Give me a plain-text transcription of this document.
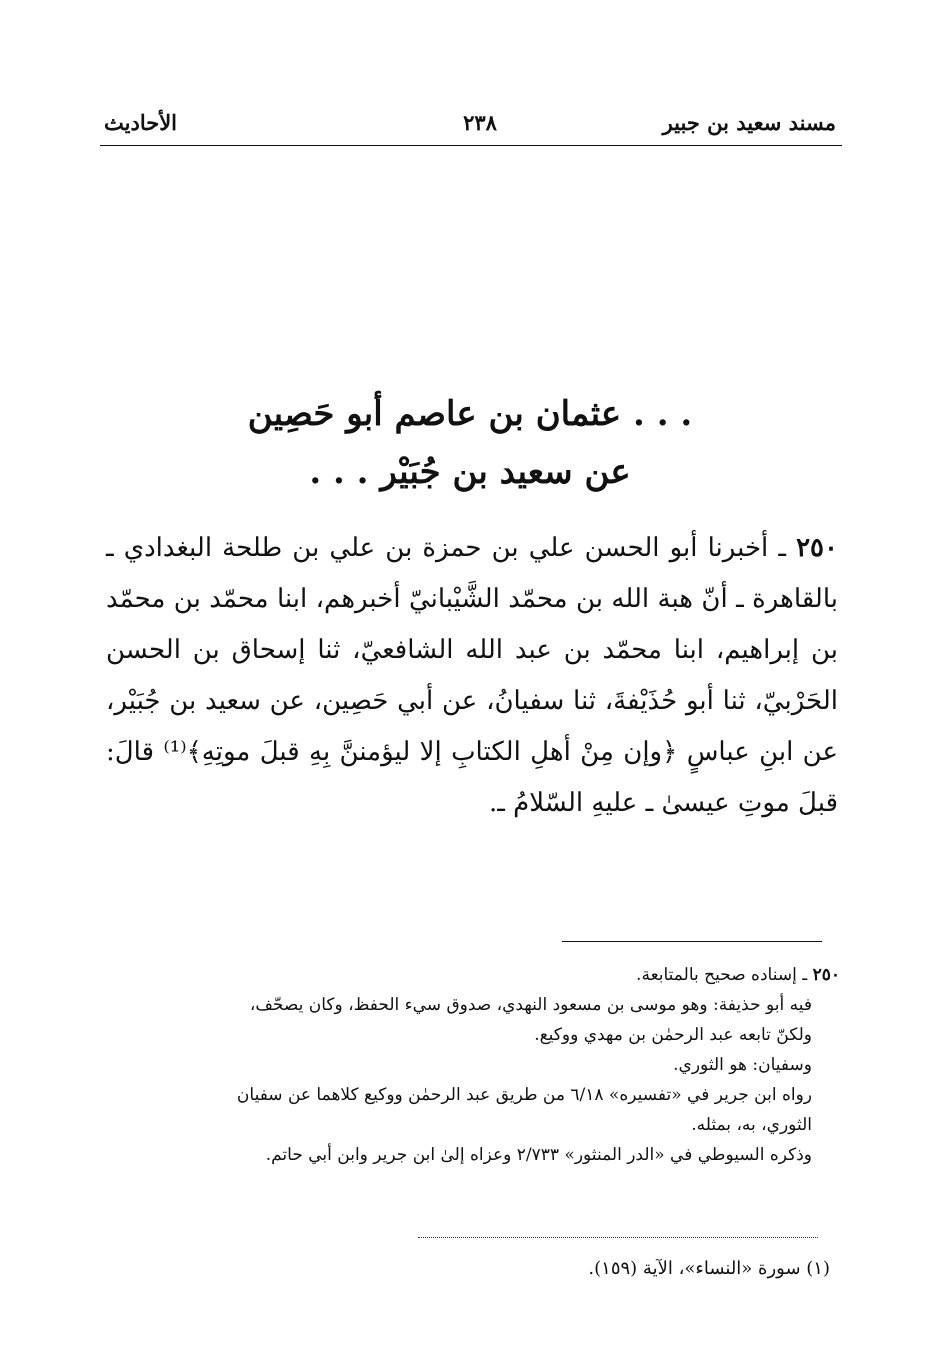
مسند سعيد بن جبير
٢٣٨
الأحاديث
. . . عثمان بن عاصم أبو حَصِين
عن سعيد بن جُبَيْر . . .
٢٥٠ ـ أخبرنا أبو الحسن علي بن حمزة بن علي بن طلحة البغدادي ـ بالقاهرة ـ أنّ هبة الله بن محمّد الشَّيْبانيّ أخبرهم، ابنا محمّد بن محمّد بن إبراهيم، ابنا محمّد بن عبد الله الشافعيّ، ثنا إسحاق بن الحسن الحَرْبيّ، ثنا أبو حُذَيْفةَ، ثنا سفيانُ، عن أبي حَصِين، عن سعيد بن جُبَيْر، عن ابنِ عباسٍ ﴿وإن مِنْ أهلِ الكتابِ إلا ليؤمننَّ بِهِ قبلَ موتِهِ﴾⁽¹⁾ قالَ: قبلَ موتِ عيسىٰ ـ عليهِ السّلامُ ـ.
٢٥٠ ـ إسناده صحيح بالمتابعة.
فيه أبو حذيفة: وهو موسى بن مسعود النهدي، صدوق سيء الحفظ، وكان يصحّف،
ولكنّ تابعه عبد الرحمٰن بن مهدي ووكيع.
وسفيان: هو الثوري.
رواه ابن جرير في «تفسيره» ٦/١٨ من طريق عبد الرحمٰن ووكيع كلاهما عن سفيان
الثوري، به، بمثله.
وذكره السيوطي في «الدر المنثور» ٢/٧٣٣ وعزاه إلىٰ ابن جرير وابن أبي حاتم.
(١) سورة «النساء»، الآية (١٥٩).
